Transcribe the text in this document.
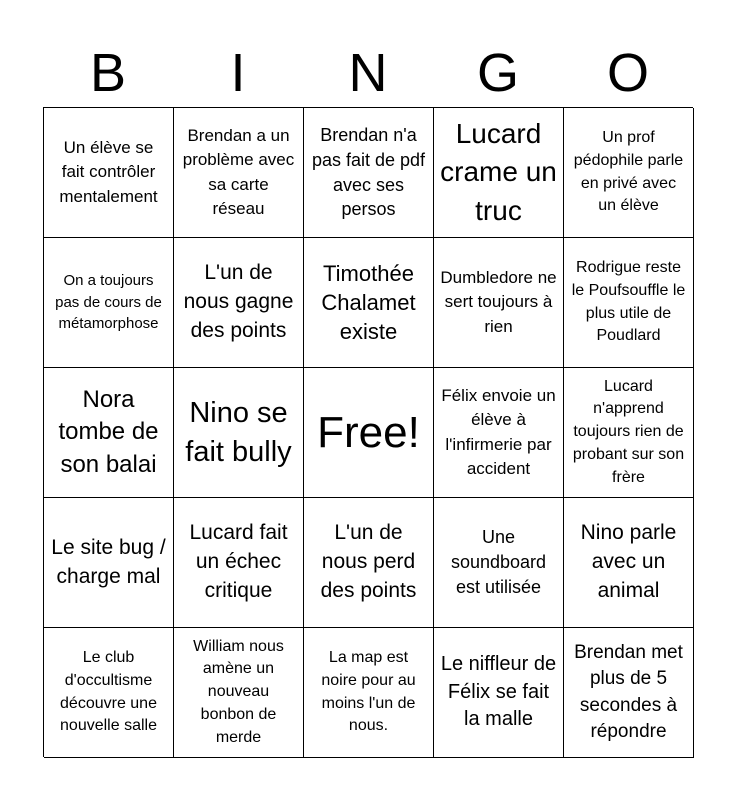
B	I	N	G	O
Un élève se fait contrôler mentalement
Brendan a un problème avec sa carte réseau
Brendan n'a pas fait de pdf avec ses persos
Lucard crame un truc
Un prof pédophile parle en privé avec un élève
On a toujours pas de cours de métamorphose
L'un de nous gagne des points
Timothée Chalamet existe
Dumbledore ne sert toujours à rien
Rodrigue reste le Poufsouffle le plus utile de Poudlard
Nora tombe de son balai
Nino se fait bully Free!
Félix envoie un élève à l'infirmerie par accident
Lucard n'apprend toujours rien de probant sur son frère
Le site bug / charge mal
Lucard fait un échec critique
L'un de nous perd des points
Une soundboard est utilisée
Nino parle avec un animal
Le club d'occultisme découvre une nouvelle salle
William nous amène un nouveau bonbon de merde
La map est noire pour au moins l'un de nous.
Le niffleur de Félix se fait la malle
Brendan met plus de 5 secondes à répondre
